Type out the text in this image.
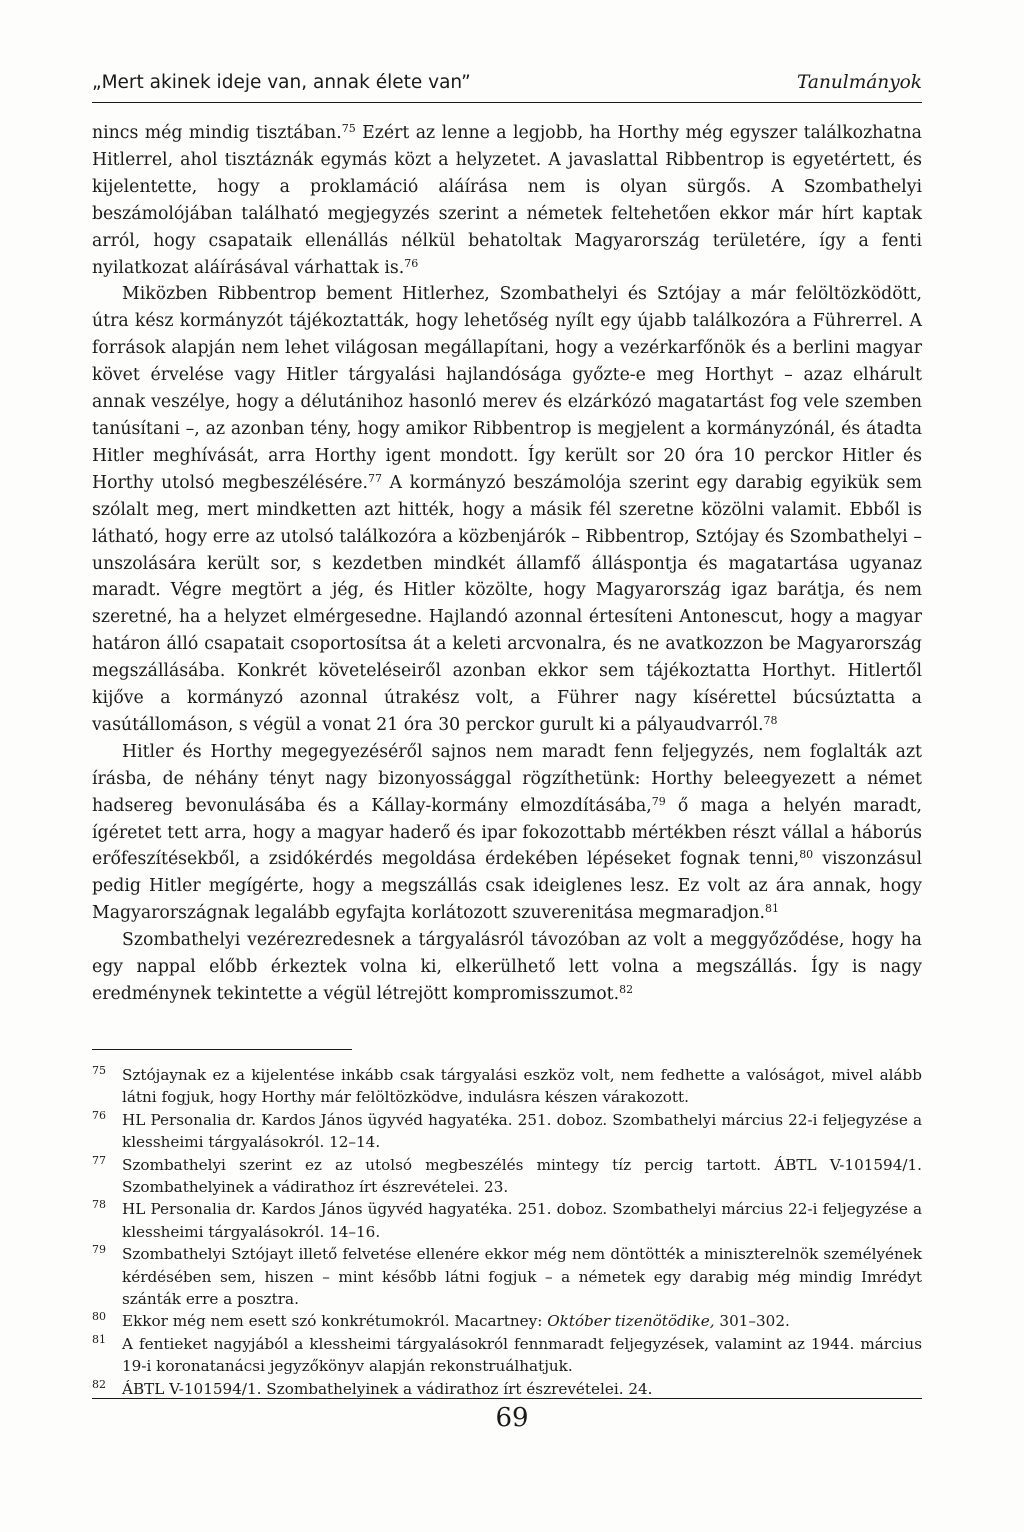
„Mert akinek ideje van, annak élete van”	Tanulmányok

nincs még mindig tisztában.$^{75}$ Ezért az lenne a legjobb, ha Horthy még egyszer találkozhatna Hitlerrel, ahol tisztáznák egymás közt a helyzetet. A javaslattal Ribbentrop is egyetértett, és kijelentette, hogy a proklamáció aláírása nem is olyan sürgős. A Szombathelyi beszámolójában található megjegyzés szerint a németek feltehetően ekkor már hírt kaptak arról, hogy csapataik ellenállás nélkül behatoltak Magyarország területére, így a fenti nyilatkozat aláírásával várhattak is.$^{76}$

Miközben Ribbentrop bement Hitlerhez, Szombathelyi és Sztójay a már felöltözködött, útra kész kormányzót tájékoztatták, hogy lehetőség nyílt egy újabb találkozóra a Führerrel. A források alapján nem lehet világosan megállapítani, hogy a vezérkarfőnök és a berlini magyar követ érvelése vagy Hitler tárgyalási hajlandósága győzte-e meg Horthyt – azaz elhárult annak veszélye, hogy a délutánihoz hasonló merev és elzárkózó magatartást fog vele szemben tanúsítani –, az azonban tény, hogy amikor Ribbentrop is megjelent a kormányzónál, és átadta Hitler meghívását, arra Horthy igent mondott. Így került sor 20 óra 10 perckor Hitler és Horthy utolsó megbeszélésére.$^{77}$ A kormányzó beszámolója szerint egy darabig egyikük sem szólalt meg, mert mindketten azt hitték, hogy a másik fél szeretne közölni valamit. Ebből is látható, hogy erre az utolsó találkozóra a közbenjárók – Ribbentrop, Sztójay és Szombathelyi – unszolására került sor, s kezdetben mindkét államfő álláspontja és magatartása ugyanaz maradt. Végre megtört a jég, és Hitler közölte, hogy Magyarország igaz barátja, és nem szeretné, ha a helyzet elmérgesedne. Hajlandó azonnal értesíteni Antonescut, hogy a magyar határon álló csapatait csoportosítsa át a keleti arcvonalra, és ne avatkozzon be Magyarország megszállásába. Konkrét követeléseiről azonban ekkor sem tájékoztatta Horthyt. Hitlertől kijőve a kormányzó azonnal útrakész volt, a Führer nagy kísérettel búcsúztatta a vasútállomáson, s végül a vonat 21 óra 30 perckor gurult ki a pályaudvarról.$^{78}$

Hitler és Horthy megegyezéséről sajnos nem maradt fenn feljegyzés, nem foglalták azt írásba, de néhány tényt nagy bizonyossággal rögzíthetünk: Horthy beleegyezett a német hadsereg bevonulásába és a Kállay-kormány elmozdításába,$^{79}$ ő maga a helyén maradt, ígéretet tett arra, hogy a magyar haderő és ipar fokozottabb mértékben részt vállal a háborús erőfeszítésekből, a zsidókérdés megoldása érdekében lépéseket fognak tenni,$^{80}$ viszonzásul pedig Hitler megígérte, hogy a megszállás csak ideiglenes lesz. Ez volt az ára annak, hogy Magyarországnak legalább egyfajta korlátozott szuverenitása megmaradjon.$^{81}$

Szombathelyi vezérezredesnek a tárgyalásról távozóban az volt a meggyőződése, hogy ha egy nappal előbb érkeztek volna ki, elkerülhető lett volna a megszállás. Így is nagy eredménynek tekintette a végül létrejött kompromisszumot.$^{82}$

75 Sztójaynak ez a kijelentése inkább csak tárgyalási eszköz volt, nem fedhette a valóságot, mivel alább látni fogjuk, hogy Horthy már felöltözködve, indulásra készen várakozott.
76 HL Personalia dr. Kardos János ügyvéd hagyatéka. 251. doboz. Szombathelyi március 22-i feljegyzése a klessheimi tárgyalásokról. 12–14.
77 Szombathelyi szerint ez az utolsó megbeszélés mintegy tíz percig tartott. ÁBTL V-101594/1. Szombathelyinek a vádirathoz írt észrevételei. 23.
78 HL Personalia dr. Kardos János ügyvéd hagyatéka. 251. doboz. Szombathelyi március 22-i feljegyzése a klessheimi tárgyalásokról. 14–16.
79 Szombathelyi Sztójayt illető felvetése ellenére ekkor még nem döntötték a miniszterelnök személyének kérdésében sem, hiszen – mint később látni fogjuk – a németek egy darabig még mindig Imrédyt szánták erre a posztra.
80 Ekkor még nem esett szó konkrétumokról. Macartney: Október tizenötödike, 301–302.
81 A fentieket nagyjából a klessheimi tárgyalásokról fennmaradt feljegyzések, valamint az 1944. március 19-i koronatanácsi jegyzőkönyv alapján rekonstruálhatjuk.
82 ÁBTL V-101594/1. Szombathelyinek a vádirathoz írt észrevételei. 24.
69
